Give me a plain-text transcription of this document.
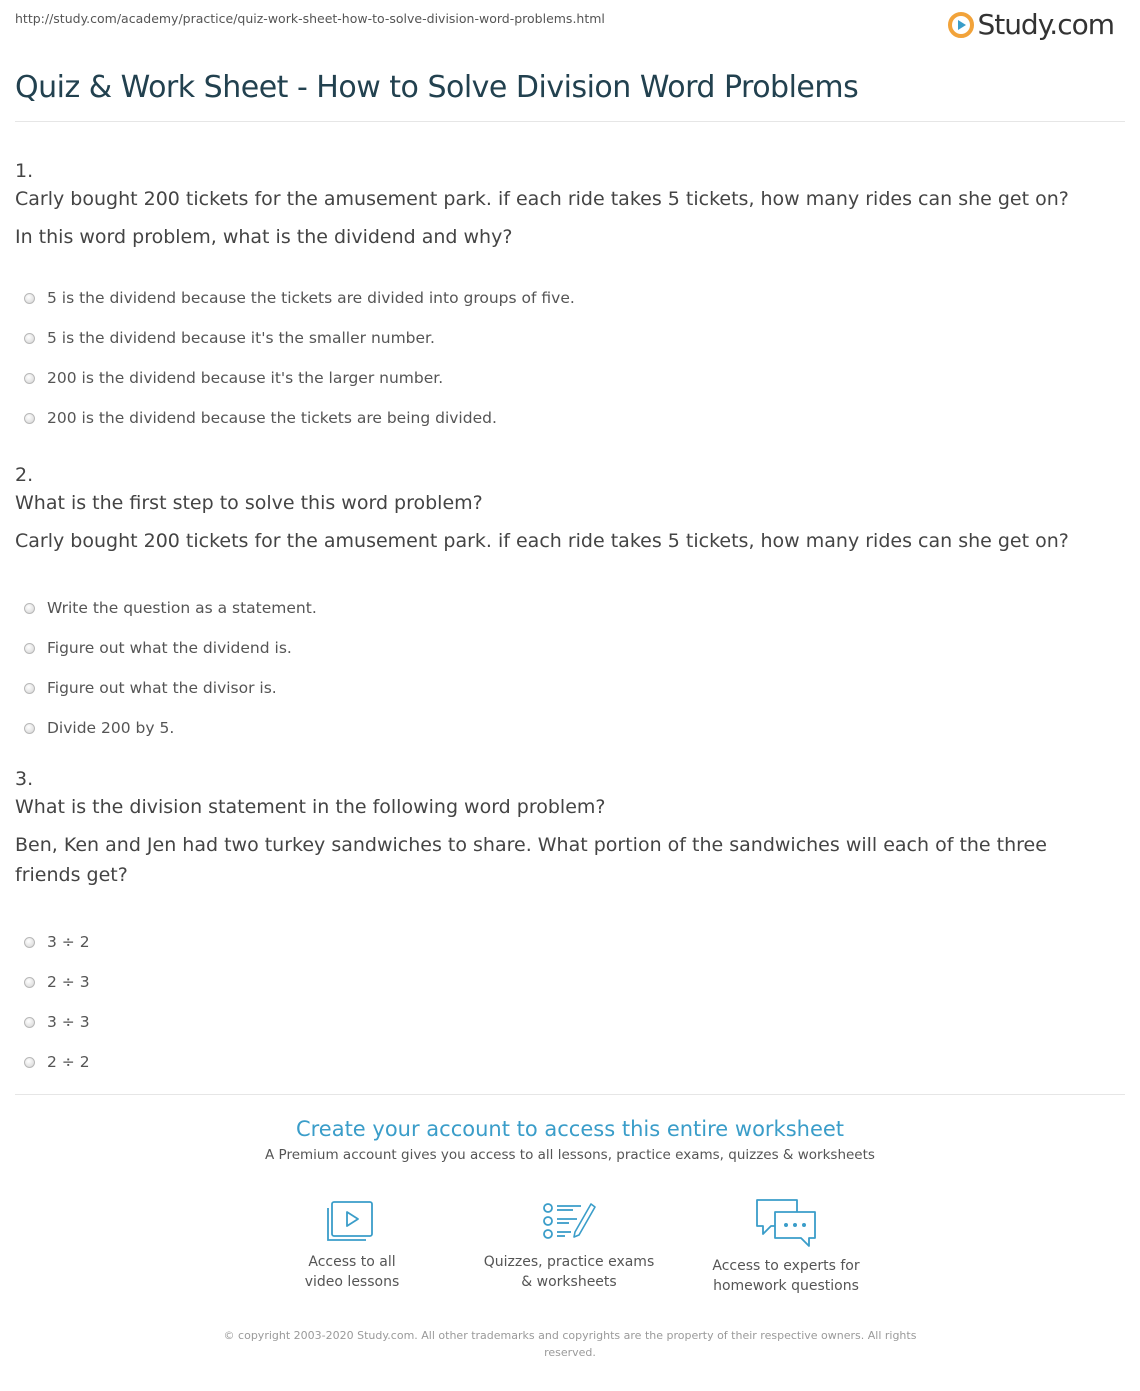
http://study.com/academy/practice/quiz-work-sheet-how-to-solve-division-word-problems.html	Study.com
Quiz & Work Sheet - How to Solve Division Word Problems
1.
Carly bought 200 tickets for the amusement park. if each ride takes 5 tickets, how many rides can she get on?
In this word problem, what is the dividend and why?
5 is the dividend because the tickets are divided into groups of five.
5 is the dividend because it's the smaller number.
200 is the dividend because it's the larger number.
200 is the dividend because the tickets are being divided.
2.
What is the first step to solve this word problem?
Carly bought 200 tickets for the amusement park. if each ride takes 5 tickets, how many rides can she get on?
Write the question as a statement.
Figure out what the dividend is.
Figure out what the divisor is.
Divide 200 by 5.
3.
What is the division statement in the following word problem?
Ben, Ken and Jen had two turkey sandwiches to share. What portion of the sandwiches will each of the three friends get?
3 ÷ 2
2 ÷ 3
3 ÷ 3
2 ÷ 2
Create your account to access this entire worksheet
A Premium account gives you access to all lessons, practice exams, quizzes & worksheets
Access to all
video lessons
Quizzes, practice exams
& worksheets
Access to experts for
homework questions
© copyright 2003-2020 Study.com. All other trademarks and copyrights are the property of their respective owners. All rights
reserved.
